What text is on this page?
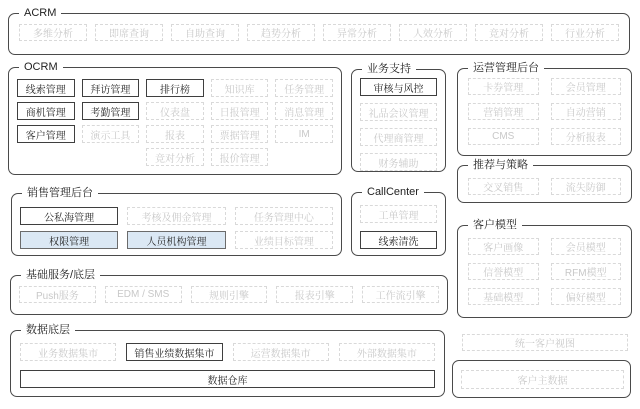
ACRM
多维分析	即席查询	自助查询	趋势分析	异常分析	人效分析	竞对分析	行业分析
OCRM
线索管理	拜访管理	排行榜	知识库	任务管理
商机管理	考勤管理	仪表盘	日报管理	消息管理
客户管理	演示工具	报表	票据管理	IM
竞对分析	报价管理
业务支持
审核与风控
礼品会议管理
代理商管理
财务辅助
运营管理后台
卡券管理	会员管理
营销管理	自动营销
CMS	分析报表
推荐与策略
交叉销售	流失防御
客户模型
客户画像	会员模型
信誉模型	RFM模型
基础模型	偏好模型
销售管理后台
公私海管理	考核及佣金管理	任务管理中心
权限管理	人员机构管理	业绩目标管理
CallCenter
工单管理
线索清洗
基础服务/底层
Push服务	EDM / SMS	规则引擎	报表引擎	工作流引擎
数据底层
业务数据集市	销售业绩数据集市	运营数据集市	外部数据集市
数据仓库
统一客户视图
客户主数据
